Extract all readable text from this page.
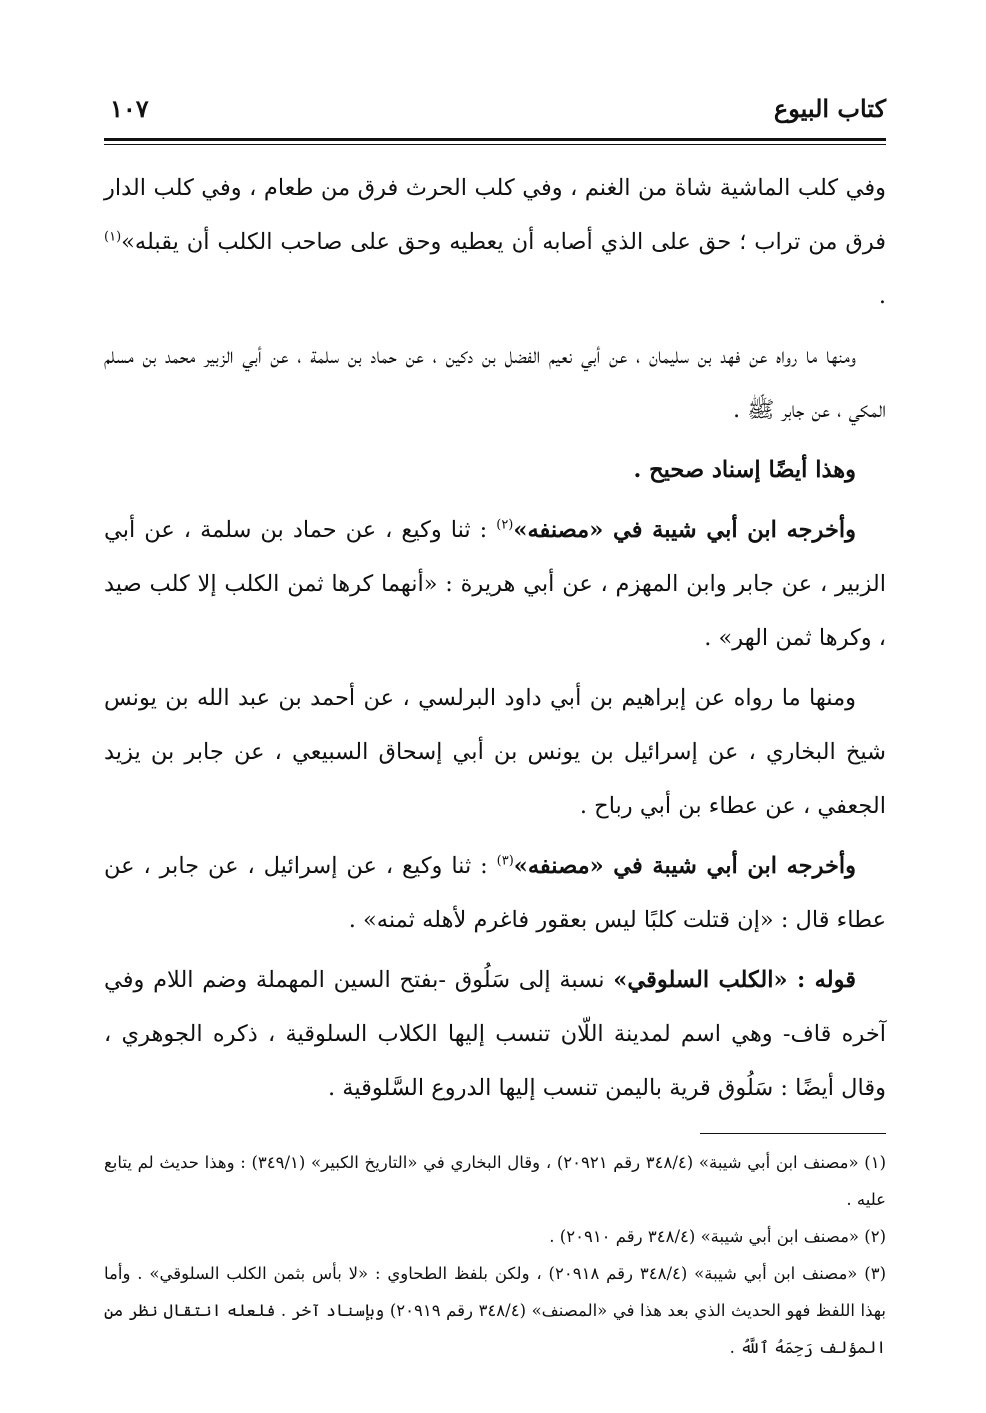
كتاب البيوع
١٠٧

وفي كلب الماشية شاة من الغنم ، وفي كلب الحرث فرق من طعام ، وفي كلب الدار فرق من تراب ؛ حق على الذي أصابه أن يعطيه وحق على صاحب الكلب أن يقبله»$^{(١)}$ .

ومنها ما رواه عن فهد بن سليمان ، عن أبي نعيم الفضل بن دكين ، عن حماد بن سلمة ، عن أبي الزبير محمد بن مسلم المكي ، عن جابر ﷺ .

وهذا أيضًا إسناد صحيح .

وأخرجه ابن أبي شيبة في «مصنفه»$^{(٢)}$ : ثنا وكيع ، عن حماد بن سلمة ، عن أبي الزبير ، عن جابر وابن المهزم ، عن أبي هريرة : «أنهما كرها ثمن الكلب إلا كلب صيد ، وكرها ثمن الهر» .

ومنها ما رواه عن إبراهيم بن أبي داود البرلسي ، عن أحمد بن عبد الله بن يونس شيخ البخاري ، عن إسرائيل بن يونس بن أبي إسحاق السبيعي ، عن جابر بن يزيد الجعفي ، عن عطاء بن أبي رباح .

وأخرجه ابن أبي شيبة في «مصنفه»$^{(٣)}$ : ثنا وكيع ، عن إسرائيل ، عن جابر ، عن عطاء قال : «إن قتلت كلبًا ليس بعقور فاغرم لأهله ثمنه» .

قوله : «الكلب السلوقي» نسبة إلى سَلُوق -بفتح السين المهملة وضم اللام وفي آخره قاف- وهي اسم لمدينة اللّان تنسب إليها الكلاب السلوقية ، ذكره الجوهري ، وقال أيضًا : سَلُوق قرية باليمن تنسب إليها الدروع السَّلوقية .

(١) «مصنف ابن أبي شيبة» (٣٤٨/٤ رقم ٢٠٩٢١) ، وقال البخاري في «التاريخ الكبير» (٣٤٩/١) : وهذا حديث لم يتابع عليه .

(٢) «مصنف ابن أبي شيبة» (٣٤٨/٤ رقم ٢٠٩١٠) .

(٣) «مصنف ابن أبي شيبة» (٣٤٨/٤ رقم ٢٠٩١٨) ، ولكن بلفظ الطحاوي : «لا بأس بثمن الكلب السلوقي» . وأما بهذا اللفظ فهو الحديث الذي بعد هذا في «المصنف» (٣٤٨/٤ رقم ٢٠٩١٩) وبإسناد آخر . فلعله انتقال نظر من المؤلف رَحِمَهُ ٱللَّهُ .
